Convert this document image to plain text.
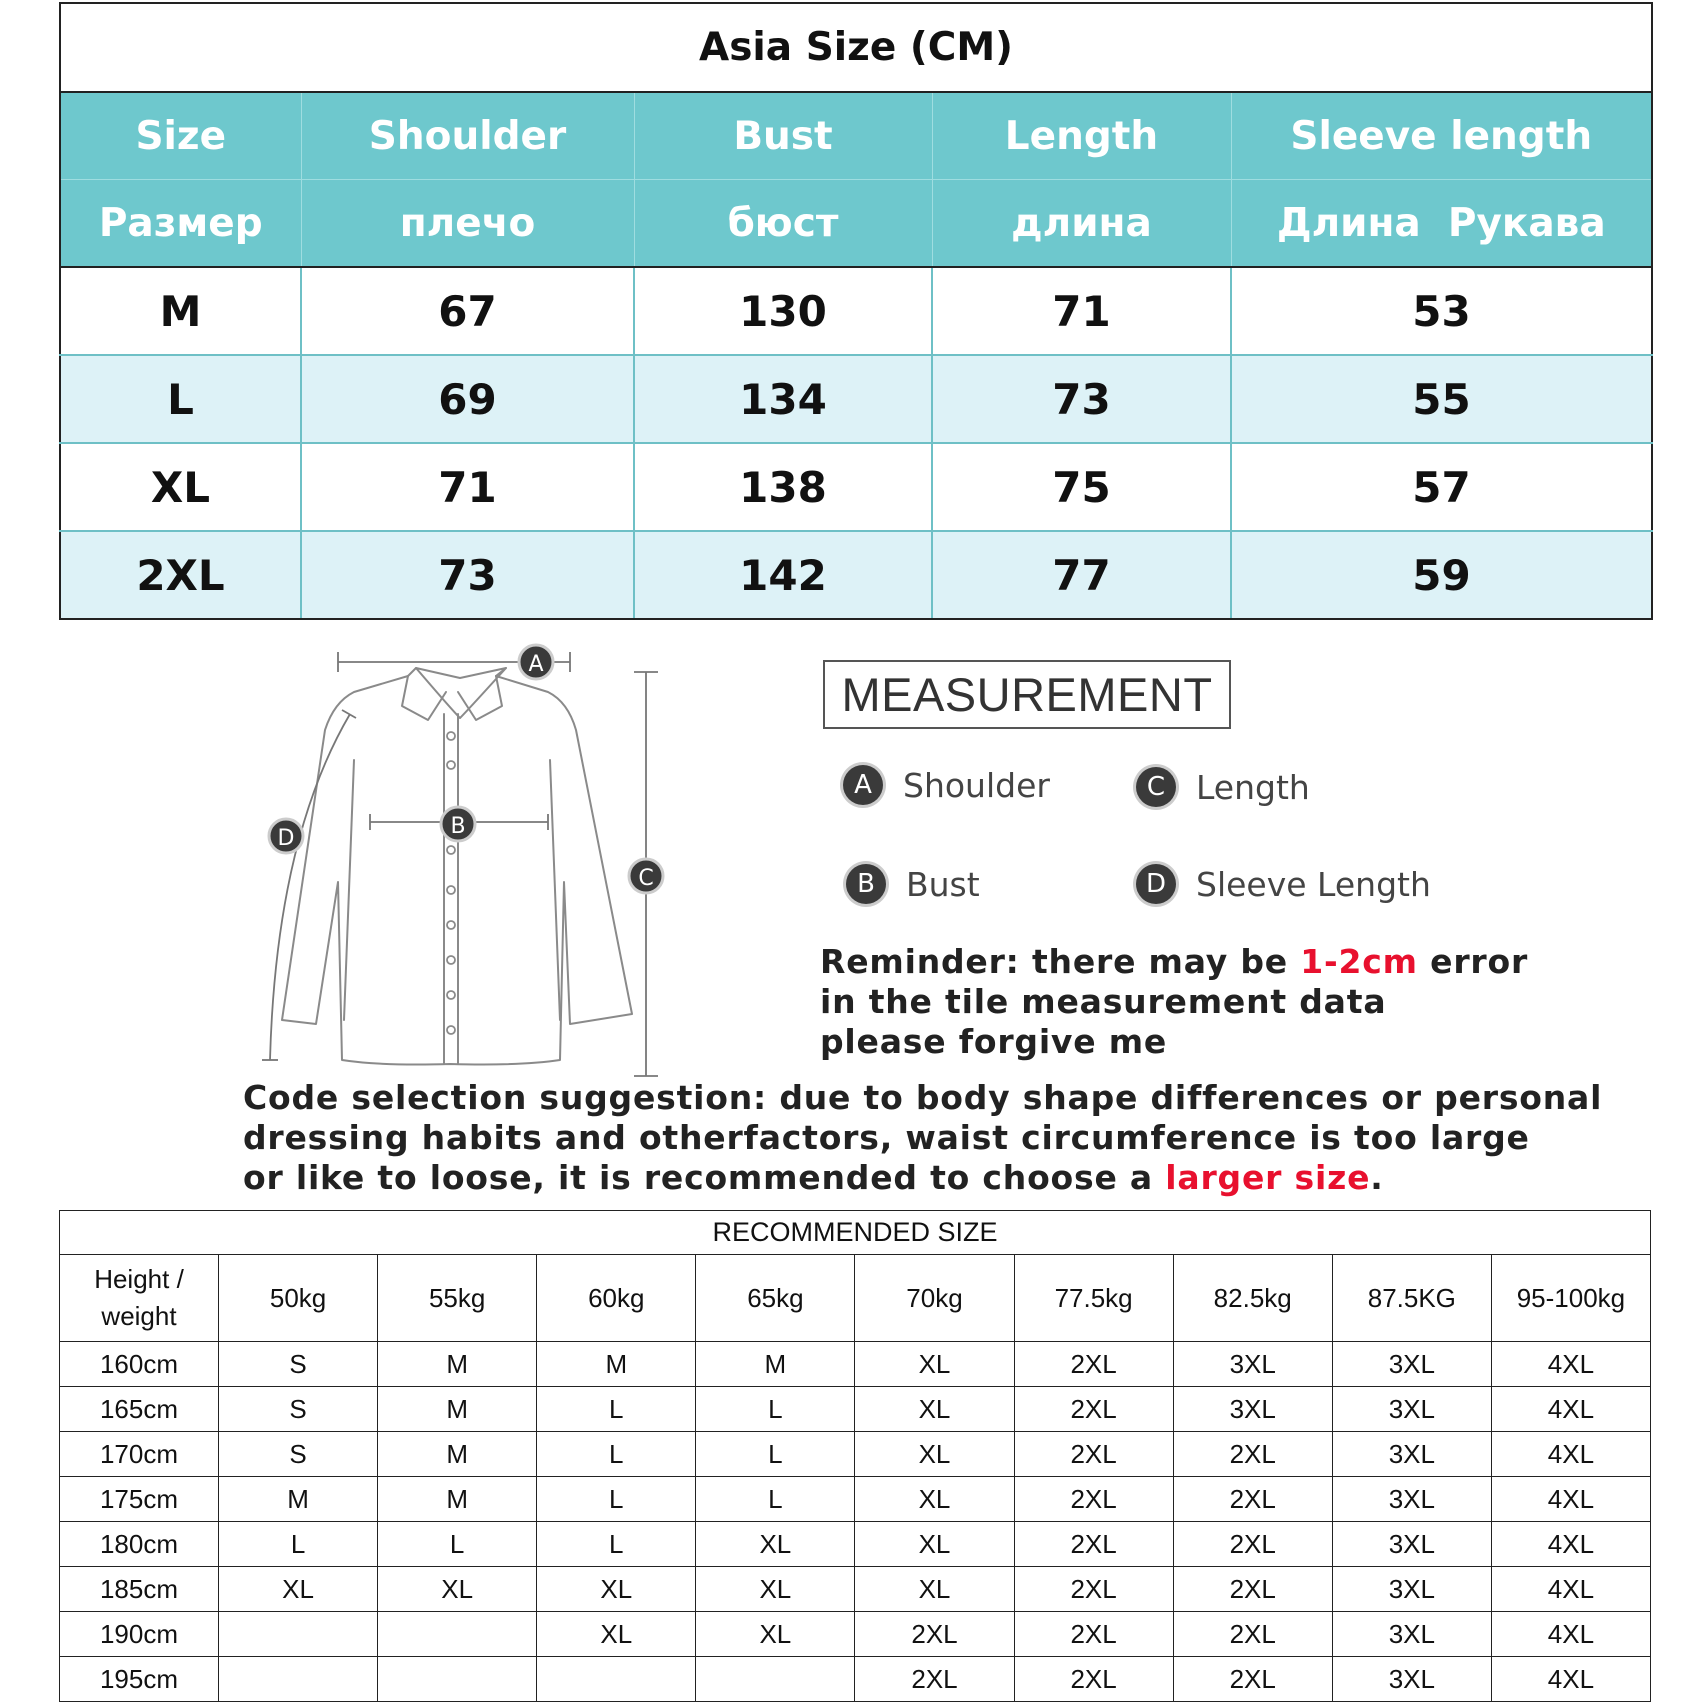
Asia Size (CM)				
Size	Shoulder	Bust	Length	Sleeve length
Размер	плечо	бюст	длина	Длина  Рукава
M	67	130	71	53
L	69	134	73	55
XL	71	138	75	57
2XL	73	142	77	59
A
B
C
D
MEASUREMENT
A Shoulder	C Length
B Bust	D Sleeve Length
Reminder: there may be 1-2cm error
in the tile measurement data
please forgive me
Code selection suggestion: due to body shape differences or personal
dressing habits and otherfactors, waist circumference is too large
or like to loose, it is recommended to choose a larger size.
RECOMMENDED SIZE									

Height /
weight	50kg	55kg	60kg	65kg	70kg	77.5kg	82.5kg	87.5KG	95-100kg
160cm	S	M	M	M	XL	2XL	3XL	3XL	4XL
165cm	S	M	L	L	XL	2XL	3XL	3XL	4XL
170cm	S	M	L	L	XL	2XL	2XL	3XL	4XL
175cm	M	M	L	L	XL	2XL	2XL	3XL	4XL
180cm	L	L	L	XL	XL	2XL	2XL	3XL	4XL
185cm	XL	XL	XL	XL	XL	2XL	2XL	3XL	4XL
190cm			XL	XL	2XL	2XL	2XL	3XL	4XL
195cm					2XL	2XL	2XL	3XL	4XL
